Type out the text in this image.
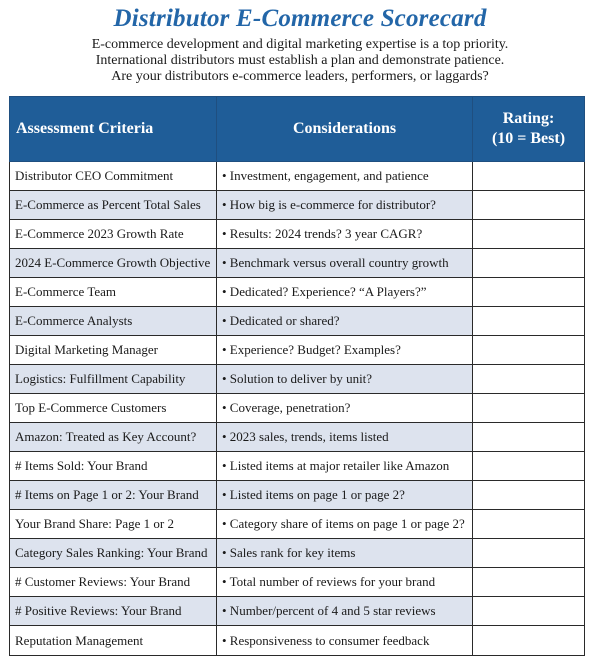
Distributor E-Commerce Scorecard
E-commerce development and digital marketing expertise is a top priority.
International distributors must establish a plan and demonstrate patience.
Are your distributors e-commerce leaders, performers, or laggards?
Assessment Criteria	Considerations	Rating:
(10 = Best)

Distributor CEO Commitment	• Investment, engagement, and patience	
E-Commerce as Percent Total Sales	• How big is e-commerce for distributor?	
E-Commerce 2023 Growth Rate	• Results: 2024 trends? 3 year CAGR?	
2024 E-Commerce Growth Objective	• Benchmark versus overall country growth	
E-Commerce Team	• Dedicated? Experience? “A Players?”	
E-Commerce Analysts	• Dedicated or shared?	
Digital Marketing Manager	• Experience? Budget? Examples?	
Logistics: Fulfillment Capability	• Solution to deliver by unit?	
Top E-Commerce Customers	• Coverage, penetration?	
Amazon: Treated as Key Account?	• 2023 sales, trends, items listed	
# Items Sold: Your Brand	• Listed items at major retailer like Amazon	
# Items on Page 1 or 2: Your Brand	• Listed items on page 1 or page 2?	
Your Brand Share: Page 1 or 2	• Category share of items on page 1 or page 2?	
Category Sales Ranking: Your Brand	• Sales rank for key items	
# Customer Reviews: Your Brand	• Total number of reviews for your brand	
# Positive Reviews: Your Brand	• Number/percent of 4 and 5 star reviews	
Reputation Management	• Responsiveness to consumer feedback	
